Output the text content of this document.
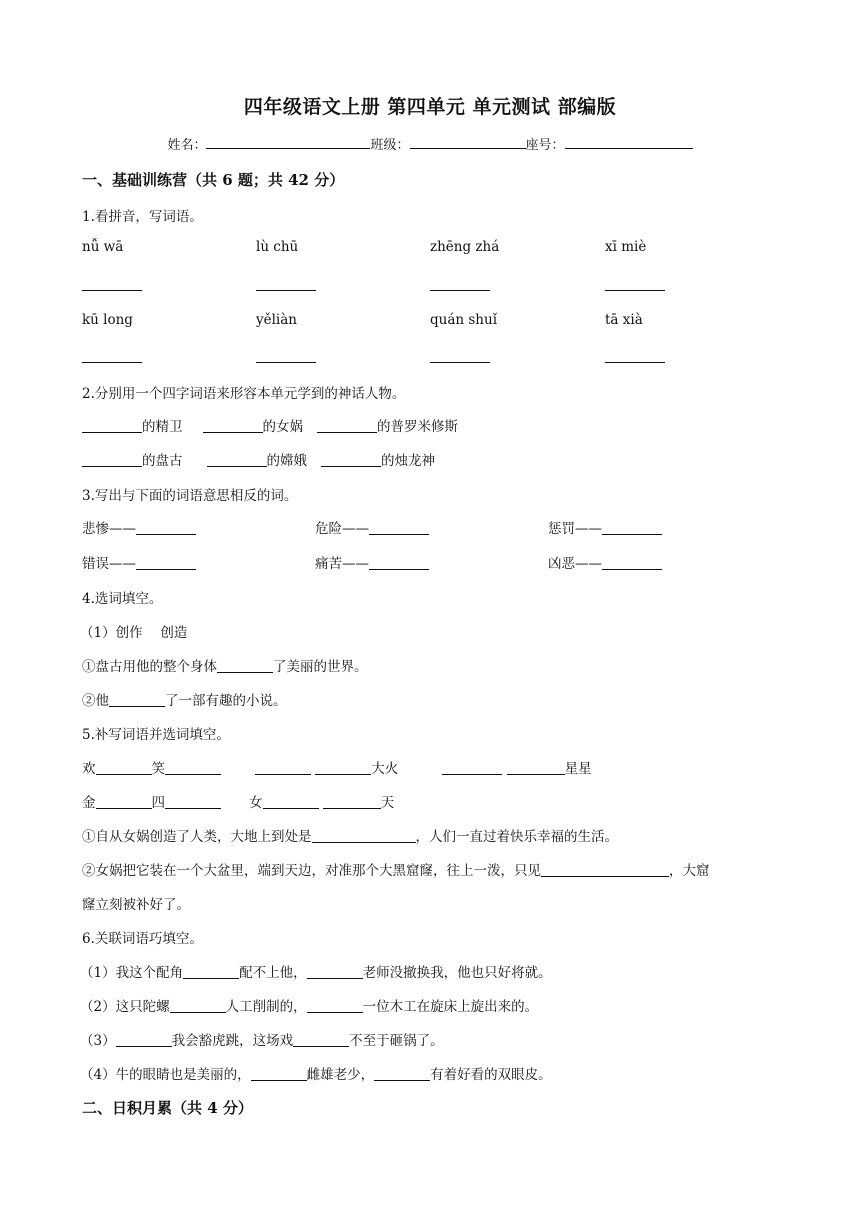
四年级语文上册 第四单元 单元测试 部编版
姓名：	班级：	座号：
一、基础训练营（共 6 题；共 42 分）
1.看拼音，写词语。
nǚ wā	lù chū	zhēng zhá	xī miè
kū long	yěliàn	quán shuǐ	tā xià
2.分别用一个四字词语来形容本单元学到的神话人物。
的精卫	的女娲	的普罗米修斯
的盘古	的嫦娥	的烛龙神
3.写出与下面的词语意思相反的词。
悲惨——	危险——	惩罚——
错误——	痛苦——	凶恶——
4.选词填空。
（1）创作　 创造
①盘古用他的整个身体	了美丽的世界。
②他	了一部有趣的小说。
5.补写词语并选词填空。
欢	笑	大火	星星
金	四	女	天
①自从女娲创造了人类，大地上到处是	，人们一直过着快乐幸福的生活。
②女娲把它装在一个大盆里，端到天边，对准那个大黑窟窿，往上一泼，只见	，大窟
窿立刻被补好了。
6.关联词语巧填空。
（1）我这个配角	配不上他，	老师没撤换我，他也只好将就。
（2）这只陀螺	人工削制的，	一位木工在旋床上旋出来的。
（3）	我会豁虎跳，这场戏	不至于砸锅了。
（4）牛的眼睛也是美丽的，	雌雄老少，	有着好看的双眼皮。
二、日积月累（共 4 分）
